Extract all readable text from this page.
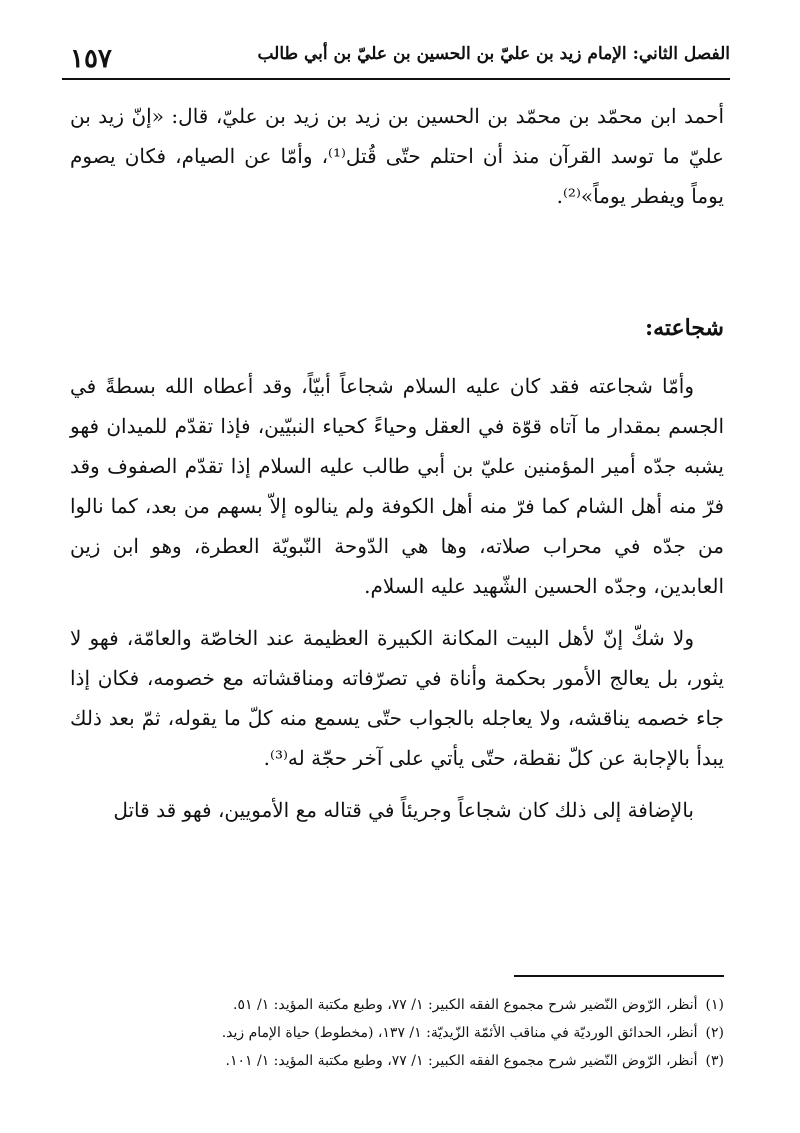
١٥٧	الفصل الثاني: الإمام زيد بن عليّ بن الحسين بن عليّ بن أبي طالب

أحمد ابن محمّد بن محمّد بن الحسين بن زيد بن زيد بن عليّ، قال: «إنّ زيد بن عليّ ما توسد القرآن منذ أن احتلم حتّى قُتل⁽¹⁾، وأمّا عن الصيام، فكان يصوم يوماً ويفطر يوماً»⁽²⁾.

شجاعته:

وأمّا شجاعته فقد كان عليه السلام شجاعاً أبيّاً، وقد أعطاه الله بسطةً في الجسم بمقدار ما آتاه قوّة في العقل وحياءً كحياء النبيّين، فإذا تقدّم للميدان فهو يشبه جدّه أمير المؤمنين عليّ بن أبي طالب عليه السلام إذا تقدّم الصفوف وقد فرّ منه أهل الشام كما فرّ منه أهل الكوفة ولم ينالوه إلاّ بسهم من بعد، كما نالوا من جدّه في محراب صلاته، وها هي الدّوحة النّبويّة العطرة، وهو ابن زين العابدين، وجدّه الحسين الشّهيد عليه السلام.

ولا شكّ إنّ لأهل البيت المكانة الكبيرة العظيمة عند الخاصّة والعامّة، فهو لا يثور، بل يعالج الأمور بحكمة وأناة في تصرّفاته ومناقشاته مع خصومه، فكان إذا جاء خصمه يناقشه، ولا يعاجله بالجواب حتّى يسمع منه كلّ ما يقوله، ثمّ بعد ذلك يبدأ بالإجابة عن كلّ نقطة، حتّى يأتي على آخر حجّة له⁽³⁾.

بالإضافة إلى ذلك كان شجاعاً وجريئاً في قتاله مع الأمويين، فهو قد قاتل

(١)أنظر، الرّوض النّضير شرح مجموع الفقه الكبير: ١/ ٧٧، وطبع مكتبة المؤيد: ١/ ٥١.

(٢)أنظر، الحدائق الورديّة في مناقب الأئمّة الزّيديّة: ١/ ١٣٧، (مخطوط) حياة الإمام زيد.

(٣)أنظر، الرّوض النّضير شرح مجموع الفقه الكبير: ١/ ٧٧، وطبع مكتبة المؤيد: ١/ ١٠١.
